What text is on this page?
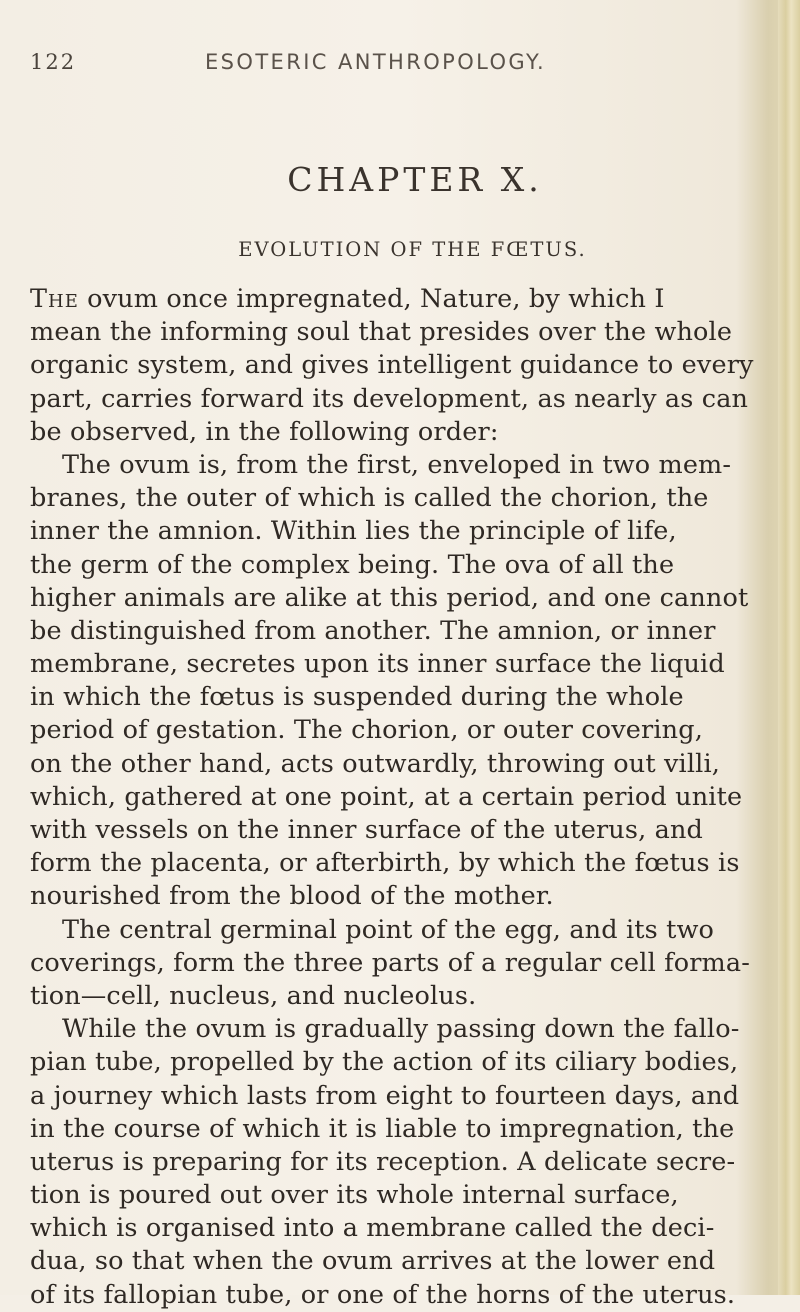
122	ESOTERIC ANTHROPOLOGY.
CHAPTER X.
EVOLUTION OF THE FŒTUS.
The ovum once impregnated, Nature, by which I
mean the informing soul that presides over the whole
organic system, and gives intelligent guidance to every
part, carries forward its development, as nearly as can
be observed, in the following order:
The ovum is, from the first, enveloped in two mem-
branes, the outer of which is called the chorion, the
inner the amnion. Within lies the principle of life,
the germ of the complex being. The ova of all the
higher animals are alike at this period, and one cannot
be distinguished from another. The amnion, or inner
membrane, secretes upon its inner surface the liquid
in which the fœtus is suspended during the whole
period of gestation. The chorion, or outer covering,
on the other hand, acts outwardly, throwing out villi,
which, gathered at one point, at a certain period unite
with vessels on the inner surface of the uterus, and
form the placenta, or afterbirth, by which the fœtus is
nourished from the blood of the mother.
The central germinal point of the egg, and its two
coverings, form the three parts of a regular cell forma-
tion—cell, nucleus, and nucleolus.
While the ovum is gradually passing down the fallo-
pian tube, propelled by the action of its ciliary bodies,
a journey which lasts from eight to fourteen days, and
in the course of which it is liable to impregnation, the
uterus is preparing for its reception. A delicate secre-
tion is poured out over its whole internal surface,
which is organised into a membrane called the deci-
dua, so that when the ovum arrives at the lower end
of its fallopian tube, or one of the horns of the uterus.
